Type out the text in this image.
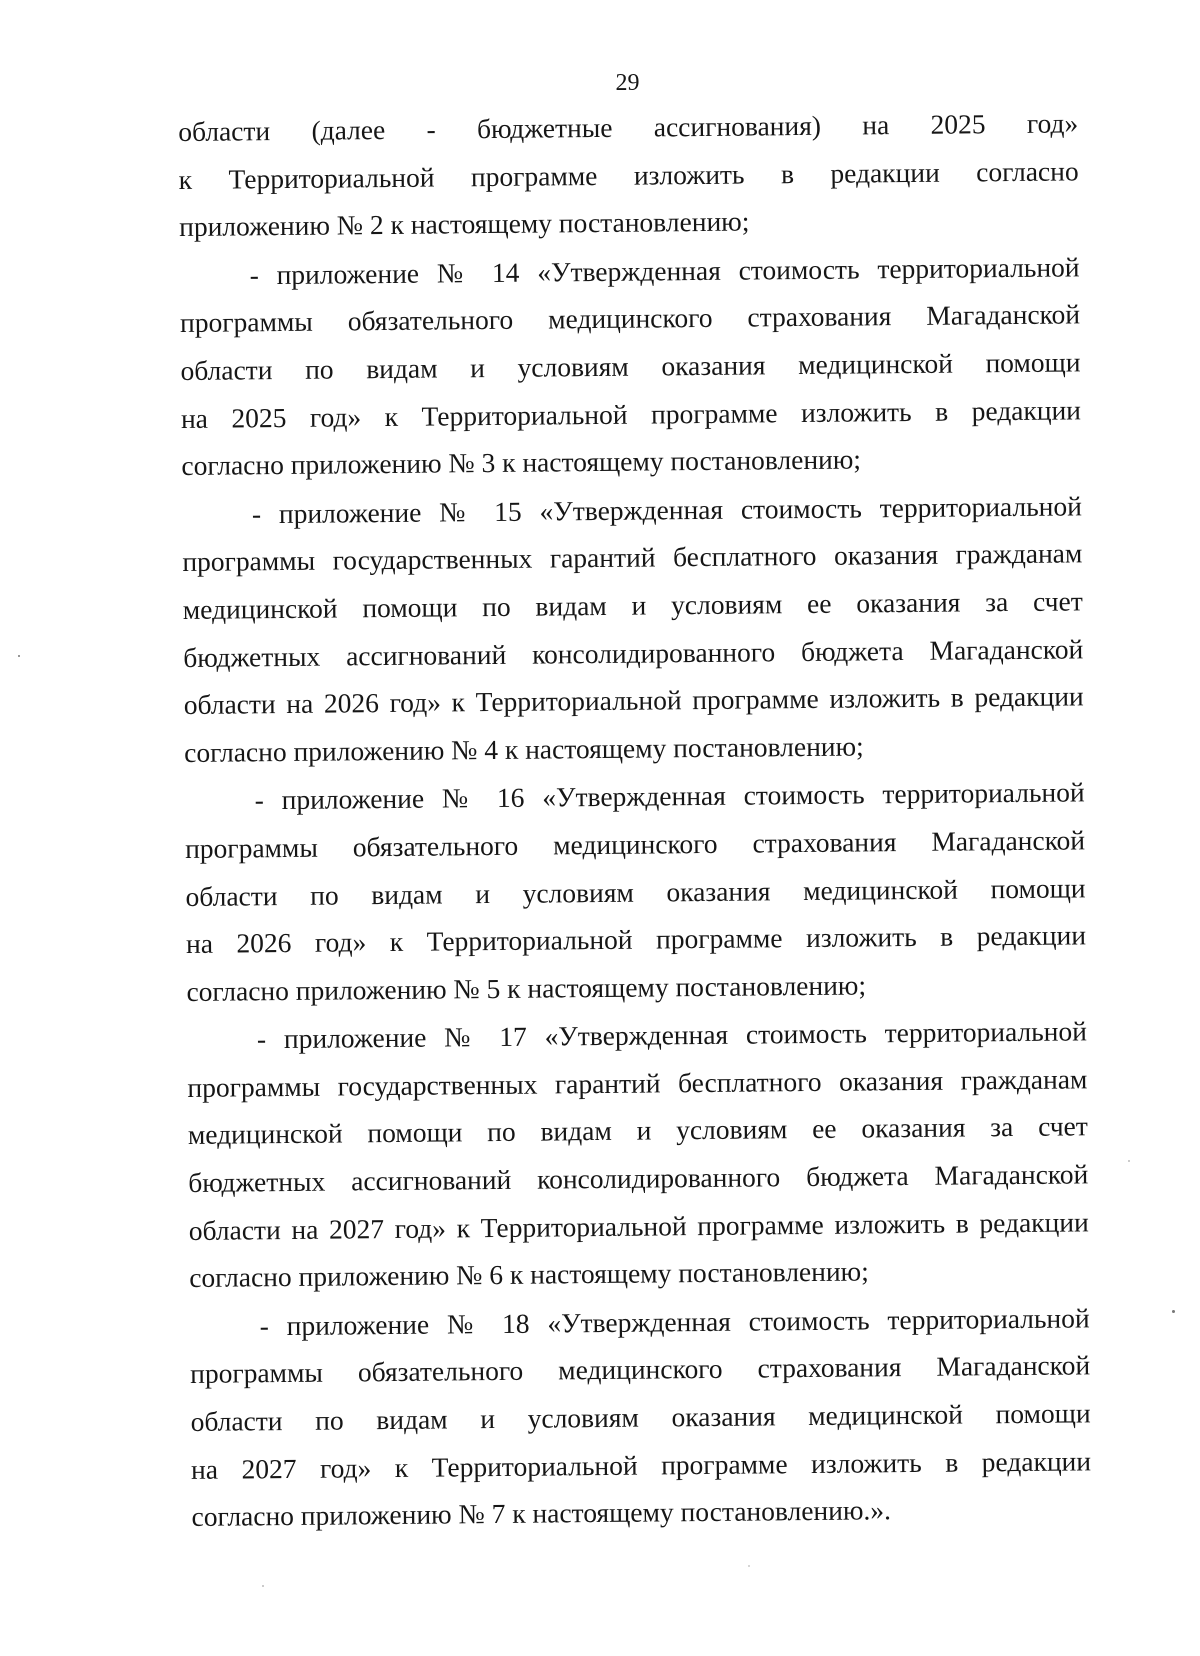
29

области (далее - бюджетные ассигнования) на 2025 год»
к Территориальной программе изложить в редакции согласно
приложению № 2 к настоящему постановлению;

- приложение № 14 «Утвержденная стоимость территориальной
программы обязательного медицинского страхования Магаданской
области по видам и условиям оказания медицинской помощи
на 2025 год» к Территориальной программе изложить в редакции
согласно приложению № 3 к настоящему постановлению;

- приложение № 15 «Утвержденная стоимость территориальной
программы государственных гарантий бесплатного оказания гражданам
медицинской помощи по видам и условиям ее оказания за счет
бюджетных ассигнований консолидированного бюджета Магаданской
области на 2026 год» к Территориальной программе изложить в редакции
согласно приложению № 4 к настоящему постановлению;

- приложение № 16 «Утвержденная стоимость территориальной
программы обязательного медицинского страхования Магаданской
области по видам и условиям оказания медицинской помощи
на 2026 год» к Территориальной программе изложить в редакции
согласно приложению № 5 к настоящему постановлению;

- приложение № 17 «Утвержденная стоимость территориальной
программы государственных гарантий бесплатного оказания гражданам
медицинской помощи по видам и условиям ее оказания за счет
бюджетных ассигнований консолидированного бюджета Магаданской
области на 2027 год» к Территориальной программе изложить в редакции
согласно приложению № 6 к настоящему постановлению;

- приложение № 18 «Утвержденная стоимость территориальной
программы обязательного медицинского страхования Магаданской
области по видам и условиям оказания медицинской помощи
на 2027 год» к Территориальной программе изложить в редакции
согласно приложению № 7 к настоящему постановлению.».
